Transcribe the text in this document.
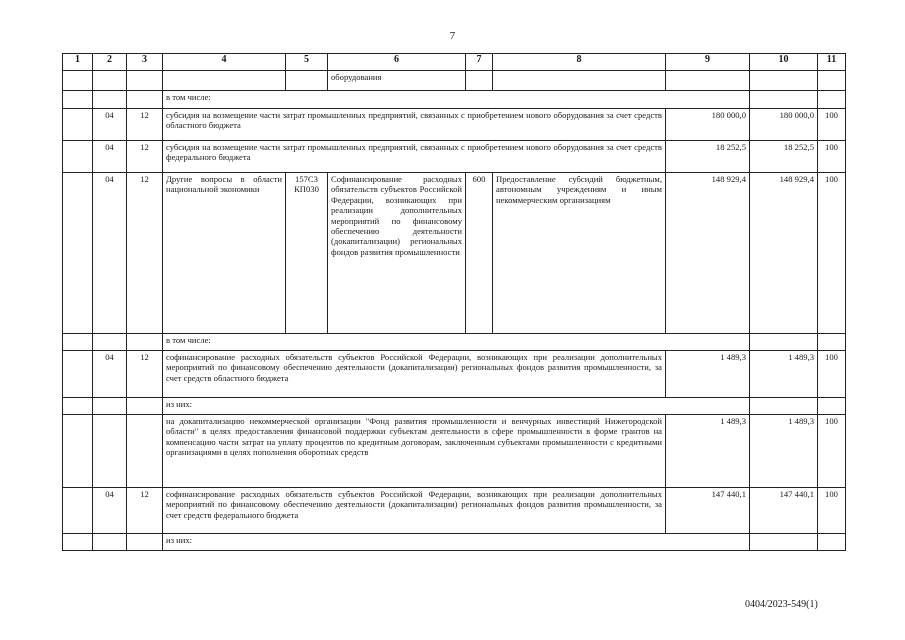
7
1	2	3	4	5	6	7	8	9	10	11
					оборудования					
			в том числе:							
	04	12	субсидия на возмещение части затрат промышленных предприятий, связанных с приобретением нового оборудования за счет средств областного бюджета					180 000,0	180 000,0	100
	04	12	субсидия на возмещение части затрат промышленных предприятий, связанных с приобретением нового оборудования за счет средств федерального бюджета					18 252,5	18 252,5	100
	04	12	Другие вопросы в области национальной экономики	157С3 КП030	Софинансирование расходных обязательств субъектов Российской Федерации, возникающих при реализации дополнительных мероприятий по финансовому обеспечению деятельности (докапитализации) региональных фондов развития промышленности	600	Предоставление субсидий бюджетным, автономным учреждениям и иным некоммерческим организациям	148 929,4	148 929,4	100
			в том числе:							
	04	12	софинансирование расходных обязательств субъектов Российской Федерации, возникающих при реализации дополнительных мероприятий по финансовому обеспечению деятельности (докапитализации) региональных фондов развития промышленности, за счет средств областного бюджета					1 489,3	1 489,3	100
			из них:							
			на докапитализацию некоммерческой организации "Фонд развития промышленности и венчурных инвестиций Нижегородской области" в целях предоставления финансовой поддержки субъектам деятельности в сфере промышленности в форме грантов на компенсацию части затрат на уплату процентов по кредитным договорам, заключенным субъектами промышленности с кредитными организациями в целях пополнения оборотных средств					1 489,3	1 489,3	100
	04	12	софинансирование расходных обязательств субъектов Российской Федерации, возникающих при реализации дополнительных мероприятий по финансовому обеспечению деятельности (докапитализации) региональных фондов развития промышленности, за счет средств федерального бюджета					147 440,1	147 440,1	100
			из них:							
0404/2023-549(1)
